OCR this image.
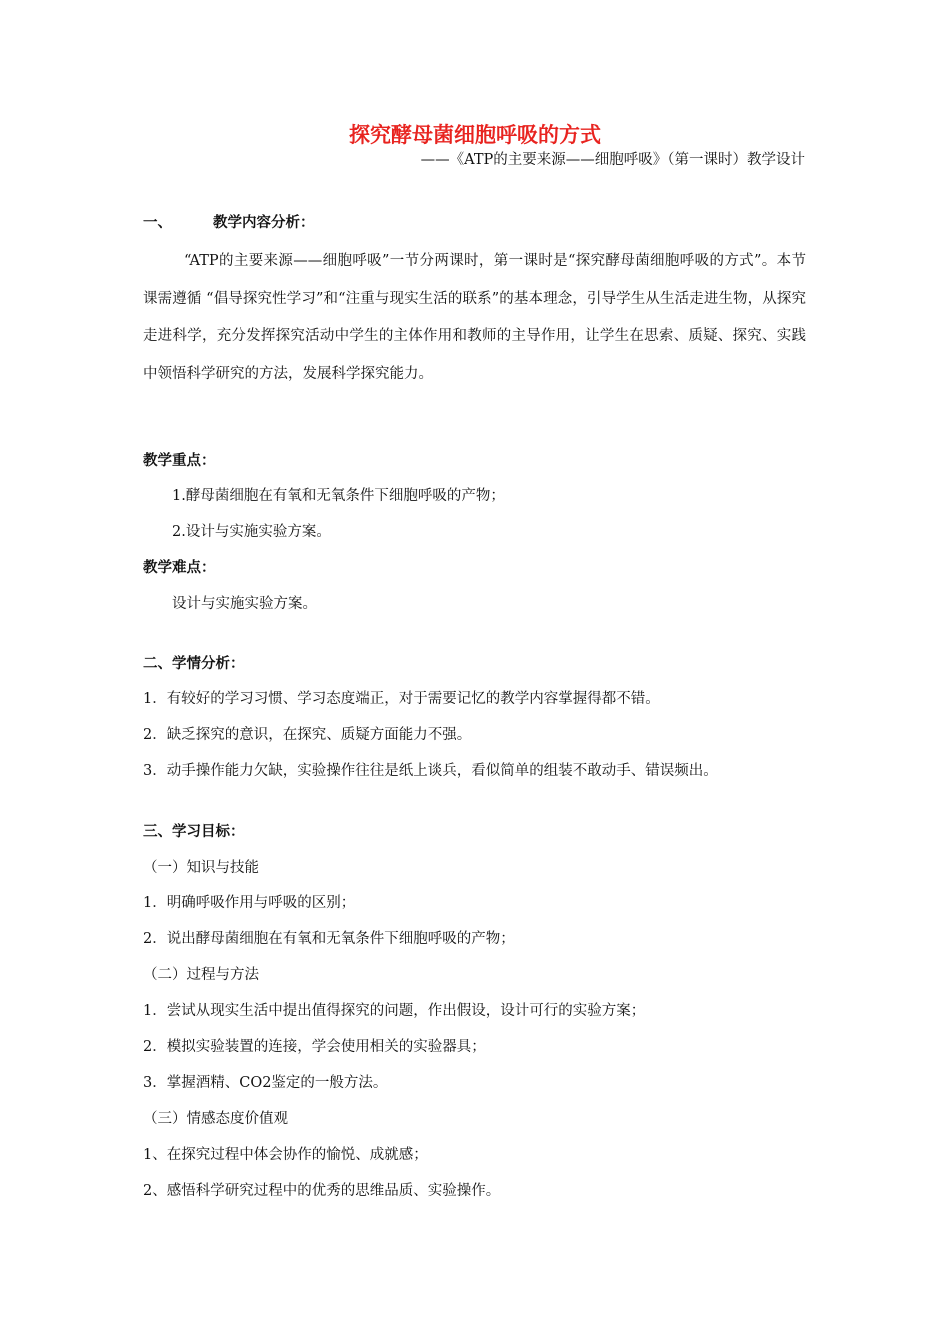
探究酵母菌细胞呼吸的方式
——《ATP的主要来源——细胞呼吸》（第一课时）教学设计
一、	教学内容分析：

“ATP的主要来源——细胞呼吸”一节分两课时，第一课时是“探究酵母菌细胞呼吸的方式”。本节课需遵循 “倡导探究性学习”和“注重与现实生活的联系”的基本理念，引导学生从生活走进生物，从探究走进科学，充分发挥探究活动中学生的主体作用和教师的主导作用，让学生在思索、质疑、探究、实践中领悟科学研究的方法，发展科学探究能力。

教学重点：
1.酵母菌细胞在有氧和无氧条件下细胞呼吸的产物；
2.设计与实施实验方案。
教学难点：
设计与实施实验方案。
二、学情分析：
1．有较好的学习习惯、学习态度端正，对于需要记忆的教学内容掌握得都不错。
2．缺乏探究的意识，在探究、质疑方面能力不强。
3．动手操作能力欠缺，实验操作往往是纸上谈兵，看似简单的组装不敢动手、错误频出。
三、学习目标：
（一）知识与技能
1．明确呼吸作用与呼吸的区别；
2．说出酵母菌细胞在有氧和无氧条件下细胞呼吸的产物；
（二）过程与方法
1．尝试从现实生活中提出值得探究的问题，作出假设，设计可行的实验方案；
2．模拟实验装置的连接，学会使用相关的实验器具；
3．掌握酒精、CO2鉴定的一般方法。
（三）情感态度价值观
1、在探究过程中体会协作的愉悦、成就感；
2、感悟科学研究过程中的优秀的思维品质、实验操作。
